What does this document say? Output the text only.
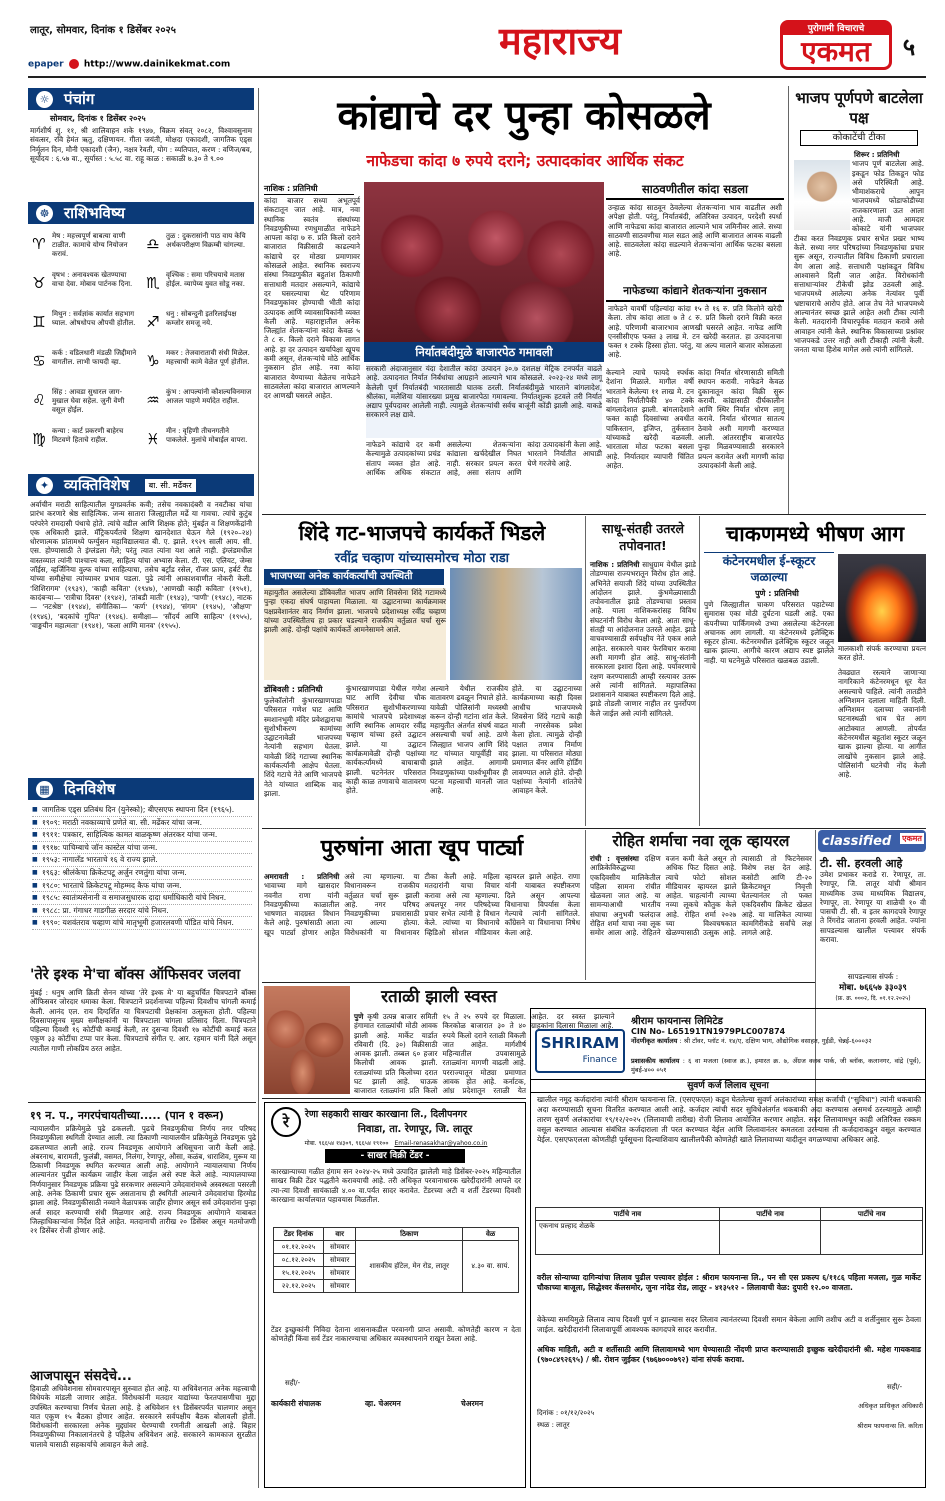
लातूर, सोमवार, दिनांक १ डिसेंबर २०२५
epaper http://www.dainikekmat.com
महाराज्य	पुरोगामी विचाराचे
एकमत	५
☼ पंचांग
सोमवार, दिनांक १ डिसेंबर २०२५
मार्गशीर्ष शु. ११, श्री शालिवाहन शके १९४७, विक्रम संवत् २०८२, विश्वावसुनाम संवत्सर, रवि हेमंत ऋतु, दक्षिणायन. गीता जयंती, मोक्षदा एकादशी, जागतिक एड्स निर्मूलन दिन, मौनी एकादशी (जैन), नक्षत्र रेवती, योग : व्यतिपात, करण : वणिज/बव, सूर्योदय : ६.५७ वा., सूर्यास्त : ५.५८ वा. राहू काळ : सकाळी ७.३० ते ९.००
☸ राशिभविष्य
♈ मेष : महत्त्वपूर्ण बाबत्या वाणी टाळीत. कामाचे योग्य नियोजन करावं.
♉ वृषभ : अनावश्यक खेतण्याचा वाचा देवा. मोबाव पार्टनक दिना.
♊ मिथुन : सर्वज्ञांक कार्यात सहभाग घ्याल. ओषधोपच औपची होतील.
♋ कर्क : वडिलधारी मंडळी जिद्दीमाने वागतील. लाभी फायदी व्हा.
♌ सिंह : आवडा सुधारल जाग-मुखाल घेवा सहेल. जुनी वेणी वसूल होईल.
♍ कन्या : कार्ट प्रकरणी बाहेरच मिटवणे हिताचे राहील.
♎ तुळ : दुकरासांनी पाठ वाय केयि अर्थकपरीक्षण विक्रम्बी चांगल्या.
♏ वृश्चिक : समा परिचयाचे मतास होईल. व्यापेय्य युवत सोडू नका.
♐ धनु : सोबन्दुनी इतरिलाईपक्ष कम्जोर समजू नये.
♑ मकर : तेजवारातावी संधी मिळेल. महत्त्वाची कामे वेळेत पूर्ण होतील.
♒ कुंभ : आपल्यांनी कौशल्यविनमाज आजल पाहणे मर्यादेत राहील.
♓ मीन : वृहिणी तीचनगतीने पाकलेले. मुलांचे मोबाईल वापरा.
✦ व्यक्तिविशेष बा. सी. मर्ढेकर
अर्वाचीन मराठी साहित्यातील युगप्रवर्तक कवी; तसेच नवकादंबरी व नवटीका यांचा प्रारंभ करणारे श्रेष्ठ साहित्यिक. जन्म सातारा जिल्ह्यातील मर्ढे या गावचा. त्यांचे कुटुंब परंपरेने रामदासी पंथाचे होते. त्यांचे वडील आणि शिक्षक होते; मुंबईत व शिक्षणकेंद्रांनी एक अधिकारी झाले. मॅट्रिकपर्यंतचे शिक्षण खानदेशात घेऊन गेले (१९२०–२४) धोरणात्मक प्रांतामध्ये फर्ग्युसन महाविद्यालयात बी. ए. झाले. १९२९ साली आय. सी. एस. होण्यासाठी ते इंग्लंडला गेले; परंतु त्यात त्यांना यश आले नाही. इंग्लंडमधील वास्तव्यात त्यांनी पाश्चात्त्य कला, साहित्य यांचा अभ्यास केला. टी. एस. एलियट, जेम्स जॉईस, व्हर्जिनिया वुल्फ यांच्या साहित्याचा, तसेच बर्ट्रांड रसेल, रॉजर फ्राय, हर्बर्ट रीड यांच्या समीक्षेचा त्यांच्यावर प्रभाव पडला. पुढे त्यांनी आकाशवाणीत नोकरी केली. 'शिशिरागम' (१९३९), 'काही कविता' (१९४७), 'आणखी काही कविता' (१९५१), कादंबऱ्या— 'रात्रीचा दिवस' (१९४२), 'तांबडी माती' (१९४३), 'पाणी' (१९४८), नाटक— 'नटश्रेष्ठ' (१९४४), संगीतिका— 'कर्ण' (१९४४), 'संगम' (१९४५), 'औक्षण' (१९४६), 'बदकांचे गुपित' (१९४६). समीक्षा— 'सौंदर्य आणि साहित्य' (१९५५), 'वाङ्मयीन महात्मता' (१९४१), 'कला आणि मानव' (१९५५).
▦ दिनविशेष
■ जागतिक एड्स प्रतिबंध दिन (युनेस्को); बीएसएफ स्थापना दिन (१९६५).
■ १९०९: मराठी नवकाव्याचे प्रणेते बा. सी. मर्ढेकर यांचा जन्म.
■ १९११: पत्रकार, साहित्यिक कामत बाळकृष्ण अंतरकर यांचा जन्म.
■ १९१७: पाचिम्बाचे जॉन कास्टेल यांचा जन्म.
■ १९५३: नागालँड भारताचे १६ वे राज्य झाले.
■ १९६३: श्रीलंकेचा क्रिकेटपटू अर्जुन रणतुंगा यांचा जन्म.
■ १९८०: भारताचे क्रिकेटपटू मोहम्मद कैफ यांचा जन्म.
■ १९८५: स्वातंत्र्यसेनानी व समाजसुधारक दादा धर्माधिकारी यांचे निधन.
■ १९८८: प्रा. गंगाधर गाडगीळ सरदार यांचे निधन.
■ १९९०: यशवंतराव चव्हाण यांचे मातृभूमी हजारलवणी पॉडित यांचे निधन.
'तेरे इश्क मे'चा बॉक्स ऑफिसवर जलवा
मुंबई : धनुष आणि क्रिती सेनन यांच्या 'तेरे इश्क मे' या बहुचर्चित चित्रपटाने बॉक्स ऑफिसवर जोरदार धमाका केला. चित्रपटाने प्रदर्शनाच्या पहिल्या दिवशीच चांगली कमाई केली. आनंद एल. राय दिग्दर्शित या चित्रपटाची प्रेक्षकांना उत्सुकता होती. पहिल्या दिवसापासूनच मुख्य समीक्षकांनी या चित्रपटाला चांगला प्रतिसाद दिला. चित्रपटाने पहिल्या दिवशी १६ कोटींची कमाई केली, तर दुसऱ्या दिवशी १७ कोटींची कमाई करत एकूण ३३ कोटींचा टप्पा पार केला. चित्रपटाचे संगीत ए. आर. रहमान यांनी दिले असून त्यातील गाणी लोकप्रिय ठरत आहेत.
१९ न. प., नगरपंचायतीच्या..... (पान १ वरून)
न्यायालयीन प्रक्रियेमुळे पुढे ढकलली. पुढचे निवडणुकीचा निर्णय नगर परिषद निवडणुकीला स्थगिती देण्यात आली. त्या ठिकाणी न्यायालयीन प्रक्रियेमुळे निवडणूक पुढे ढकलण्यात आली आहे. राज्य निवडणूक आयोगाने अधिसूचना जारी केली आहे. अंबरनाथ, बारामती, फुलंब्री, वसमत, निलंगा, रेणापूर, औसा, कळंब, धाराशिव, मुरूम या ठिकाणी निवडणूक स्थगित करण्यात आली आहे. आयोगाने न्यायालयाचा निर्णय आल्यानंतर पुढील कार्यक्रम जाहीर केला जाईल असे स्पष्ट केले आहे. न्यायालयाच्या निर्णयानुसार निवडणूक प्रक्रिया पुढे सरकणार असल्याने उमेदवारांमध्ये अस्वस्थता पसरली आहे. अनेक ठिकाणी प्रचार सुरू असतानाच ही स्थगिती आल्याने उमेदवारांचा हिरमोड झाला आहे. निवडणुकीसाठी नव्याने वेळापत्रक जाहीर होणार असून सर्व उमेदवारांना पुन्हा अर्ज सादर करण्याची संधी मिळणार आहे. राज्य निवडणूक आयोगाने याबाबत जिल्हाधिकाऱ्यांना निर्देश दिले आहेत. मतदानाची तारीख २० डिसेंबर असून मतमोजणी २१ डिसेंबर रोजी होणार आहे.
आजपासून संसदेचे...
हिवाळी अधिवेशनास सोमवारपासून सुरुवात होत आहे. या अधिवेशनात अनेक महत्त्वाची विधेयके मांडली जाणार आहेत. विरोधकांनी मतदार याद्यांच्या फेरतपासणीचा मुद्दा उपस्थित करण्याचा निर्णय घेतला आहे. हे अधिवेशन १९ डिसेंबरपर्यंत चालणार असून यात एकूण १५ बैठका होणार आहेत. सरकारने सर्वपक्षीय बैठक बोलावली होती. विरोधकांनी सरकारला अनेक मुद्द्यांवर घेरण्याची रणनीती आखली आहे. बिहार निवडणुकीच्या निकालानंतरचे हे पहिलेच अधिवेशन आहे. सरकारने कामकाज सुरळीत चालावे यासाठी सहकार्याचे आवाहन केले आहे.
कांद्याचे दर पुन्हा कोसळले
नाफेडचा कांदा ७ रुपये दराने; उत्पादकांवर आर्थिक संकट
नाशिक : प्रतिनिधी
कांदा बाजार सध्या अभूतपूर्व संकटातून जात आहे. मात्र, नवा स्थानिक स्वतंत्र संस्थांच्या निवडणुकीच्या रणधुमाळीत नाफेडने आपला कांदा ७ रु. प्रति किलो दराने बाजारात विक्रीसाठी काढल्याने कांद्याचे दर मोठ्या प्रमाणावर कोसळले आहेत. स्थानिक स्वराज्य संस्था निवडणुकीत बहुतांश ठिकाणी सत्ताधारी मतदार असल्याने, कांद्याचे दर घसरल्याचा थेट परिणाम निवडणुकांवर होण्याची भीती कांदा उत्पादक आणि व्यावसायिकांनी व्यक्त केली आहे. महाराष्ट्रातील अनेक जिल्ह्यांत शेतकऱ्यांना कांदा केवळ ५ ते ८ रु. किलो दराने विकावा लागत आहे. हा दर उत्पादन खर्चापेक्षा खूपच कमी असून, शेतकऱ्यांचे मोठे आर्थिक नुकसान होत आहे. नवा कांदा बाजारात येण्याच्या वेळेतच नाफेडने साठवलेला कांदा बाजारात आणल्याने दर आणखी घसरले आहेत.
निर्यातबंदीमुळे बाजारपेठ गमावली
सरकारी अंदाजानुसार यंदा देशातील कांदा उत्पादन ३०.७ दशलक्ष मेट्रिक टनपर्यंत वाढले आहे. उत्पादनात निर्यात निर्बंधांचा आग्रहाने आल्याने भाव कोसळले. २०२३-२४ मध्ये लागू केलेली पूर्ण निर्यातबंदी भारतासाठी घातक ठरली. निर्यातबंदीमुळे भारताने बांगलादेश, श्रीलंका, मलेशिया यांसारख्या प्रमुख बाजारपेठा गमावल्या. निर्यातशुल्क हटवले तरी निर्यात अद्याप पूर्वपदावर आलेली नाही. त्यामुळे शेतकऱ्यांची सर्वच बाजूंनी कोंडी झाली आहे. याकडे सरकारने लक्ष द्यावे.
नाफेडने कांद्याचे दर कमी केल्यामुळे उत्पादकांच्या प्रचंड संताप व्यक्त होत आहे. आर्थिक अधिक संकटात असलेल्या शेतकऱ्यांना कांद्याला खर्चदेखील निघत नाही. सरकार प्रयत्न करत आहे, असा संताप आणि कांदा उत्पादकांनी केला आहे. भारताने निर्यातीत आघाडी घेणे गरजेचे आहे.
साठवणीतील कांदा सडला
उन्हाळ कांदा साठवून ठेवलेल्या शेतकऱ्यांना भाव वाढतील अशी अपेक्षा होती. परंतु, निर्यातबंदी, अतिरिक्त उत्पादन, परदेशी स्पर्धा आणि नाफेडचा कांदा बाजारात आल्याने भाव जमिनीवर आले. सध्या साठवणी साठवणीचा माल सडत आहे आणि बाजारात आवक वाढली आहे. साठवलेला कांदा सडल्याने शेतकऱ्यांना आर्थिक फटका बसला आहे.
नाफेडच्या कांद्याने शेतकऱ्यांना नुकसान
नाफेडने यावर्षी पहिल्यांदा कांदा १५ ते १६ रु. प्रति किलोने खरेदी केला. तोच कांदा आता ७ ते ८ रु. प्रति किलो दराने विक्री करत आहे. परिणामी बाजारभाव आणखी घसरले आहेत. नाफेड आणि एनसीसीएफ फक्त ३ लाख मे. टन खरेदी करतात. हा उत्पादनाचा फक्त १ टक्के हिस्सा होता. परंतु, या अल्प मालाने बाजार कोसळला आहे.
केल्याने त्याचे फायदे स्पर्धक देशांना मिळाले. मागील वर्षी भारताने केलेल्या ११ लाख मे. टन कांदा निर्यातीपैकी ४० टक्के बांगलादेशात झाली. बांगलादेशाने फक्त काही दिवसांच्या अवधीत पाकिस्तान, इजिप्त, तुर्कस्तान यांच्याकडे खरेदी वळवली. भारताला मोठा फटका बसला आहे. निर्यातदार व्यापारी चिंतित आहेत.
कांदा निर्यात धोरणासाठी समिती स्थापन करावी. नाफेडने केवळ दुकानातून कांदा विक्री सुरू करावी. कांद्यासाठी दीर्घकालीन आणि स्थिर निर्यात धोरण लागू करावे. निर्यात धोरणात सातत्य ठेवावे अशी मागणी करण्यात आली. आंतरराष्ट्रीय बाजारपेठ पुन्हा मिळवण्यासाठी सरकारने प्रयत्न करावेत अशी मागणी कांदा उत्पादकांनी केली आहे.
भाजप पूर्णपणे बाटलेला पक्ष
कोकाटेंची टीका
शिरूर : प्रतिनिधी
भाजप पूर्ण बाटलेला आहे. इकडून फोड तिकडून फोड असे परिस्थिती आहे. भीमाशंकराचे आपुन भाजपमध्ये फोडाफोडीच्या राजकारणाला ऊत आला आहे. माजी आमदार कोकाटे यांनी भाजपवर टीका करत निवडणूक प्रचार सभेत प्रखर भाष्य केले. सध्या नगर परिषदांच्या निवडणुकांचा प्रचार सुरू असून, राज्यातील विविध ठिकाणी प्रचाराला वेग आला आहे. सत्ताधारी पक्षांकडून विविध आश्वासने दिली जात आहेत. विरोधकांनी सत्ताधाऱ्यांवर टीकेची झोड उठवली आहे. भाजपमध्ये आलेल्या अनेक नेत्यांवर पूर्वी भ्रष्टाचाराचे आरोप होते. आज तेच नेते भाजपमध्ये आल्यानंतर स्वच्छ झाले आहेत अशी टीका त्यांनी केली. मतदारांनी विचारपूर्वक मतदान करावे असे आवाहन त्यांनी केले. स्थानिक विकासाच्या प्रश्नांवर भाजपकडे उत्तर नाही अशी टीकाही त्यांनी केली. जनता याचा हिशेब मागेल असे त्यांनी सांगितले.
शिंदे गट-भाजपचे कार्यकर्ते भिडले
रवींद्र चव्हाण यांच्यासमोरच मोठा राडा
भाजपच्या अनेक कार्यकर्त्यांची उपस्थिती
महायुतीत असलेल्या डोंबिवलीत भाजप आणि शिवसेना शिंदे गटामध्ये पुन्हा एकदा संघर्ष पाहायला मिळाला. या उद्घाटनाच्या कार्यक्रमावर पक्षप्रवेशानंतर वाद निर्माण झाला. भाजपचे प्रदेशाध्यक्ष रवींद्र चव्हाण यांच्या उपस्थितीतच हा प्रकार घडल्याने राजकीय वर्तुळात चर्चा सुरू झाली आहे. दोन्ही पक्षांचे कार्यकर्ते आमनेसामने आले.
डोंबिवली : प्रतिनिधी
फुलेकॉलोनी कुंभारखाणपाडा परिसरात गणेश घाट आणि स्मशानभूमी मंदिर प्रवेशद्वाराचा सुशोभीकरण कामांच्या उद्घाटनावेळी भाजपच्या नेत्यांनी सहभाग घेतला. यावेळी शिंदे गटाच्या स्थानिक कार्यकर्त्यांनी आक्षेप घेतला. शिंदे गटाचे नेते आणि भाजपचे नेते यांच्यात शाब्दिक वाद झाला.
कुंभारखाणपाडा येथील गणेश घाट आणि देवीचा चौक परिसरात सुशोभीकरणाच्या कामांचे भाजपचे प्रदेशाध्यक्ष आणि स्थानिक आमदार रवींद्र चव्हाण यांच्या हस्ते उद्घाटन झाले. या उद्घाटन कार्यक्रमावेळी दोन्ही पक्षांच्या कार्यकर्त्यांमध्ये बाचाबाची झाली. घटनेनंतर परिसरात काही काळ तणावाचे वातावरण होते.
अल्याने येथील राजकीय वातावरण ढवळून निघाले होते. यावेळी पोलिसांनी मध्यस्थी करून दोन्ही गटांना शांत केले. महायुतीत अंतर्गत संघर्ष वाढत असल्याची चर्चा आहे. ठाणे जिल्ह्यात भाजप आणि शिंदे गट यांच्यात यापूर्वीही वाद झाले आहेत. आगामी निवडणुकांच्या पार्श्वभूमीवर ही घटना महत्त्वाची मानली जात आहे.
होते. या उद्घाटनाच्या कार्यक्रमाच्या काही दिवस आधीच भाजपमध्ये शिवसेना शिंदे गटाचे काही माजी नगरसेवक प्रवेश केला होता. त्यामुळे दोन्ही पक्षात तणाव निर्माण झाला. या परिसरात मोठ्या प्रमाणात बॅनर आणि होर्डिंग लावण्यात आले होते. दोन्ही पक्षांच्या नेत्यांनी शांततेचे आवाहन केले.
साधू-संतही उतरले तपोवनात!
नाशिक : प्रतिनिधी साधुग्राम येथील झाडे तोडण्यास राज्यभरातून विरोध होत आहे. अभिनेते सयाजी शिंदे यांच्या उपस्थितीत आंदोलन झाले. कुंभमेळ्यासाठी तपोवनातील झाडे तोडण्याचा प्रस्ताव आहे. याला नाशिककरांसह विविध संघटनांनी विरोध केला आहे. आता साधू-संतही या आंदोलनात उतरले आहेत. झाडे वाचवण्यासाठी सर्वपक्षीय नेते एकत्र आले आहेत. सरकारने यावर फेरविचार करावा अशी मागणी होत आहे. साधू-संतांनी सरकारला इशारा दिला आहे. पर्यावरणाचे रक्षण करण्यासाठी आम्ही रस्त्यावर उतरू असे त्यांनी सांगितले. महापालिका प्रशासनाने याबाबत स्पष्टीकरण दिले आहे. झाडे तोडली जाणार नाहीत तर पुनर्रोपण केले जाईल असे त्यांनी सांगितले.
चाकणमध्ये भीषण आग
कंटेनरमधील ई-स्कूटर जळाल्या
पुणे : प्रतिनिधी
पुणे जिल्ह्यातील चाकण परिसरात पहाटेच्या सुमारास एका मोठी दुर्घटना घडली आहे. एका कंपनीच्या पार्किंगमध्ये उभ्या असलेल्या कंटेनरला अचानक आग लागली. या कंटेनरमध्ये इलेक्ट्रिक स्कूटर होत्या. कंटेनरमधील इलेक्ट्रिक स्कूटर जळून खाक झाल्या. आगीचे कारण अद्याप स्पष्ट झालेले नाही. या घटनेमुळे परिसरात खळबळ उडाली.
मालकाशी संपर्क करण्याचा प्रयत्न करत होते.
तेवढ्यात रस्त्याने जाणाऱ्या नागरिकाने कंटेनरमधून धूर येत असल्याचे पाहिले. त्यांनी तातडीने अग्निशमन दलाला माहिती दिली. अग्निशमन दलाच्या जवानांनी घटनास्थळी धाव घेत आग आटोक्यात आणली. तोपर्यंत कंटेनरमधील बहुतांश स्कूटर जळून खाक झाल्या होत्या. या आगीत लाखोंचे नुकसान झाले आहे. पोलिसांनी घटनेची नोंद केली आहे.
पुरुषांना आता खूप पार्ट्या
अमरावती : प्रतिनिधी भावाच्या मागे खासदार नवनीत राणा यांनी निवडणुकीच्या काळातील भाषणात वादग्रस्त विधान केले आहे. पुरुषांसाठी आता खूप पार्ट्या होणार आहेत असे त्या म्हणाल्या. या विधानावरून राजकीय वर्तुळात चर्चा सुरू झाली आहे. नगर परिषद निवडणुकीच्या प्रचारासाठी त्या आल्या होत्या. विरोधकांनी या विधानावर टीका केली आहे. महिला मतदारांनी याचा विचार करावा असे त्या म्हणाल्या. अचलपूर नगर परिषदेच्या प्रचार सभेत त्यांनी हे विधान केले. त्यांच्या या विधानाचे व्हिडिओ सोशल मीडियावर व्हायरल झाले आहेत. राणा यांनी याबाबत स्पष्टीकरण दिले असून आपल्या विधानाचा विपर्यास केला गेल्याचे त्यांनी सांगितले. काँग्रेसने या विधानाचा निषेध केला आहे.
रोहित शर्माचा नवा लूक व्हायरल
रांची : वृत्तसंस्था दक्षिण आफ्रिकेविरुद्धच्या एकदिवसीय मालिकेतील पहिला सामना रांचीत खेळवला जात आहे. या सामन्याआधी भारतीय संघाचा अनुभवी फलंदाज रोहित शर्मा याचा नवा लूक समोर आला आहे. रोहितने वजन कमी केले असून तो अधिक फिट दिसत आहे. त्याचे फोटो सोशल मीडियावर व्हायरल झाले आहेत. चाहत्यांनी त्याच्या नव्या लूकचे कौतुक केले आहे. रोहित शर्मा २०२७ च्या विश्वचषकात खेळण्यासाठी उत्सुक आहे. त्यासाठी तो फिटनेसवर विशेष लक्ष देत आहे. कसोटी आणि टी-२० क्रिकेटमधून निवृत्ती घेतल्यानंतर तो फक्त एकदिवसीय क्रिकेट खेळत आहे. या मालिकेत त्याच्या कामगिरीकडे सर्वांचे लक्ष लागले आहे.
classified एकमत
टी. सी. हरवली आहे
उमेश प्रभाकर कराडे रा. रेणापूर, ता. रेणापूर, जि. लातूर यांची श्रीमान माध्यमिक उच्च माध्यमिक विद्यालय, रेणापूर, ता. रेणापूर या शाळेची १० वी पासची टी. सी. व इतर कागदपत्रे रेणापूर ते रिंगरोड जाताना हरवली आहेत. ज्यांना सापडल्यास खालील पत्त्यावर संपर्क करावा.
सापडल्यास संपर्क :
मोबा. ७६६५७ ३३०३९
(फ्र. क्र. ०००२, दि. ०१.१२.२०२५)
रताळी झाली स्वस्त
पुणे कृषी उत्पन्न बाजार समिती हंगामात रताळ्यांची मोठी आवक झाली आहे. मार्केट यार्डात रविवारी (दि. ३०) विक्रीसाठी आवक झाली. तब्बल ६० हजार किलोची आवक झाली. रताळ्यांच्या प्रति किलोच्या दरात घट झाली आहे. घाऊक बाजारात रताळ्यांना प्रति किलो १५ ते २५ रुपये दर मिळाला. किरकोळ बाजारात ३० ते ४० रुपये किलो दराने रताळी विकली जात आहेत. मार्गशीर्ष महिन्यातील उपवासामुळे रताळ्यांना मागणी वाढली आहे. परराज्यातून मोठ्या प्रमाणात आवक होत आहे. कर्नाटक, आंध्र प्रदेशातून रताळी येत आहेत. दर स्वस्त झाल्याने ग्राहकांना दिलासा मिळाला आहे.
रे	रेणा सहकारी साखर कारखाना लि., दिलीपनगर
निवाडा, ता. रेणापूर, जि. लातूर
मोबा. ९६६५४ १४३०९, ९६६५४ १९१०० Email-renasakhar@yahoo.co.in
- साखर विक्री टेंडर -
कारखान्याच्या गळीत हंगाम सन २०२४-२५ मध्ये उत्पादित झालेली माहे डिसेंबर-२०२५ महिन्यातील साखर विक्री टेंडर पद्धतीने करावयाची आहे. तरी अधिकृत परवानाधारक खरेदीदारांनी आपले दर त्या-त्या दिवशी सायंकाळी ४.०० वा.पर्यंत सादर करावेत. टेंडरच्या अटी व शर्ती टेंडरच्या दिवशी कारखाना कार्यालयात पहावयास मिळतील.
टेंडर दिनांक	वार	ठिकाण	वेळ
०१.१२.२०२५	सोमवार	शासकीय हॉटेल, मेन रोड, लातूर	४.३० वा. सायं.
०८.१२.२०२५	सोमवार		
१५.१२.२०२५	सोमवार		
२२.१२.२०२५	सोमवार		
टेंडर इच्छुकांनी निविदा देताना शासनाकडील परवानगी प्राप्त असावी. कोणतेही कारण न देता कोणतेही किंवा सर्व टेंडर नाकारण्याचा अधिकार व्यवस्थापनाने राखून ठेवला आहे.
सही/-
कार्यकारी संचालक	व्हा. चेअरमन	चेअरमन
SHRIRAM
Finance
श्रीराम फायनान्स लिमिटेड
CIN No- L65191TN1979PLC007874
नोंदणीकृत कार्यालय : श्री टॉवर, प्लॉट नं. १४/ए, दक्षिण भाग, औद्योगिक वसाहत, गुईंडी, चेन्नई-६०००३२
प्रशासकीय कार्यालय : ६ वा मजला (स्वाज क्र.), इमारत क्र. ७, अँग्रज क्लब पार्क, जी ब्लॉक, कलानगर, वांद्रे (पूर्व), मुंबई-४०० ०५१
सुवर्ण कर्ज लिलाव सूचना
खालील नमूद कर्जदारांना त्यांनी श्रीराम फायनान्स लि. (एसएफएल) कडून घेतलेल्या सुवर्ण अलंकारांच्या समक्ष कर्जाची ("सुविधा") त्यांनी थकबाकी अदा करण्यासाठी सूचना वितरित करण्यात आली आहे. कर्जदार त्यांची सदर सुविधेअंतर्गत थकबाकी अदा करण्यास असमर्थ ठरल्यामुळे आम्ही तारण सुवर्ण अलंकारांचा १९/१२/२०२५ (लिलावाची तारीख) रोजी लिलाव आयोजित करणार आहोत. सदर लिलावामधून काही अतिरिक्त रक्कम वसूल करण्यात आल्यास संबंधित कर्जदाराला ती परत करण्यात येईल आणि लिलावानंतर कमतरता उरल्यास ती कर्जदाराकडून वसूल करण्यात येईल. एसएफएलला कोणतीही पूर्वसूचना दिल्याशिवाय खालीलपैकी कोणतेही खाते लिलावाच्या यादीतून वगळण्याचा अधिकार आहे.
पार्टीचे नाव	पार्टीचे नाव	पार्टीचे नाव
एकनाथ प्रल्हाद शेळके		
वरील सोन्याच्या दागिन्यांचा लिलाव पुढील पत्त्यावर होईल : श्रीराम फायनान्स लि., पन सी एस प्रकल्प ६/११८६ पहिला मजला, गुळ मार्केट चौकाच्या बाजूला, सिद्धेश्वर कॅलसमोर, जुना नांदेड रोड, लातूर - ४१३५१२ - लिलावाची वेळ: दुपारी १२.०० वाजता.
बेकेच्या समयिमुळे लिलाव त्याच दिवशी पूर्ण न झाल्यास सदर लिलाव त्यानंतरच्या दिवशी समान बेकेला आणि तशीच अटी व शर्तीनुसार सुरू ठेवला जाईल. खरेदीदारांनी लिलावापूर्वी आवश्यक कागदपत्रे सादर करावीत.
अधिक माहिती, अटी व शर्तीसाठी आणि लिलावामध्ये भाग घेण्यासाठी नोंदणी प्राप्त करण्यासाठी इच्छुक खरेदीदारांनी श्री. महेश गायकवाड (९७०८४९२६९५) / श्री. रोशन जुईकर (९७६७०००७९२) यांना संपर्क करावा.
सही/-
अधिकृत प्राधिकृत अधिकारी
दिनांक : ०१/१२/२०२५
स्थळ : लातूर	श्रीराम फायनान्स लि. करिता
